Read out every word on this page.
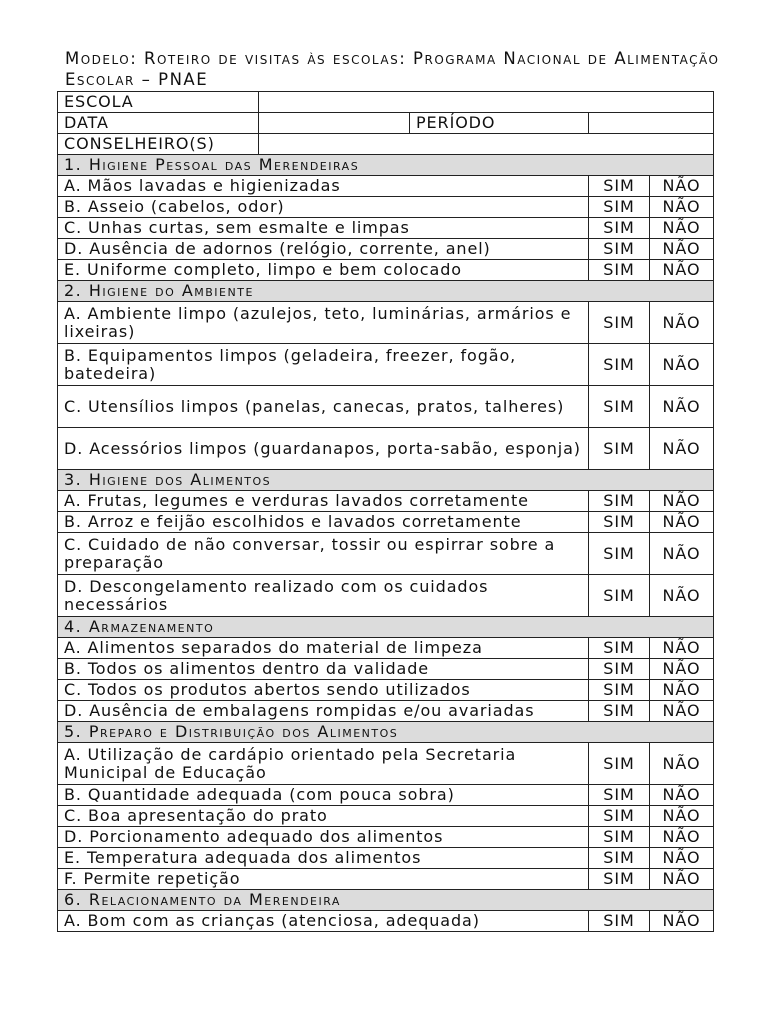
Modelo: Roteiro de visitas às escolas: Programa Nacional de Alimentação Escolar – PNAE
ESCOLA				
DATA		PERÍODO		
CONSELHEIRO(S)				
1. Higiene Pessoal das Merendeiras				
A. Mãos lavadas e higienizadas			SIM	NÃO
B. Asseio (cabelos, odor)			SIM	NÃO
C. Unhas curtas, sem esmalte e limpas			SIM	NÃO
D. Ausência de adornos (relógio, corrente, anel)			SIM	NÃO
E. Uniforme completo, limpo e bem colocado			SIM	NÃO
2. Higiene do Ambiente				
A. Ambiente limpo (azulejos, teto, luminárias, armários e lixeiras)			SIM	NÃO
B. Equipamentos limpos (geladeira, freezer, fogão, batedeira)			SIM	NÃO
C. Utensílios limpos (panelas, canecas, pratos, talheres)			SIM	NÃO
D. Acessórios limpos (guardanapos, porta-sabão, esponja)			SIM	NÃO
3. Higiene dos Alimentos				
A. Frutas, legumes e verduras lavados corretamente			SIM	NÃO
B. Arroz e feijão escolhidos e lavados corretamente			SIM	NÃO
C. Cuidado de não conversar, tossir ou espirrar sobre a preparação			SIM	NÃO
D. Descongelamento realizado com os cuidados necessários			SIM	NÃO
4. Armazenamento				
A. Alimentos separados do material de limpeza			SIM	NÃO
B. Todos os alimentos dentro da validade			SIM	NÃO
C. Todos os produtos abertos sendo utilizados			SIM	NÃO
D. Ausência de embalagens rompidas e/ou avariadas			SIM	NÃO
5. Preparo e Distribuição dos Alimentos				
A. Utilização de cardápio orientado pela Secretaria Municipal de Educação			SIM	NÃO
B. Quantidade adequada (com pouca sobra)			SIM	NÃO
C. Boa apresentação do prato			SIM	NÃO
D. Porcionamento adequado dos alimentos			SIM	NÃO
E. Temperatura adequada dos alimentos			SIM	NÃO
F. Permite repetição			SIM	NÃO
6. Relacionamento da Merendeira				
A. Bom com as crianças (atenciosa, adequada)			SIM	NÃO
